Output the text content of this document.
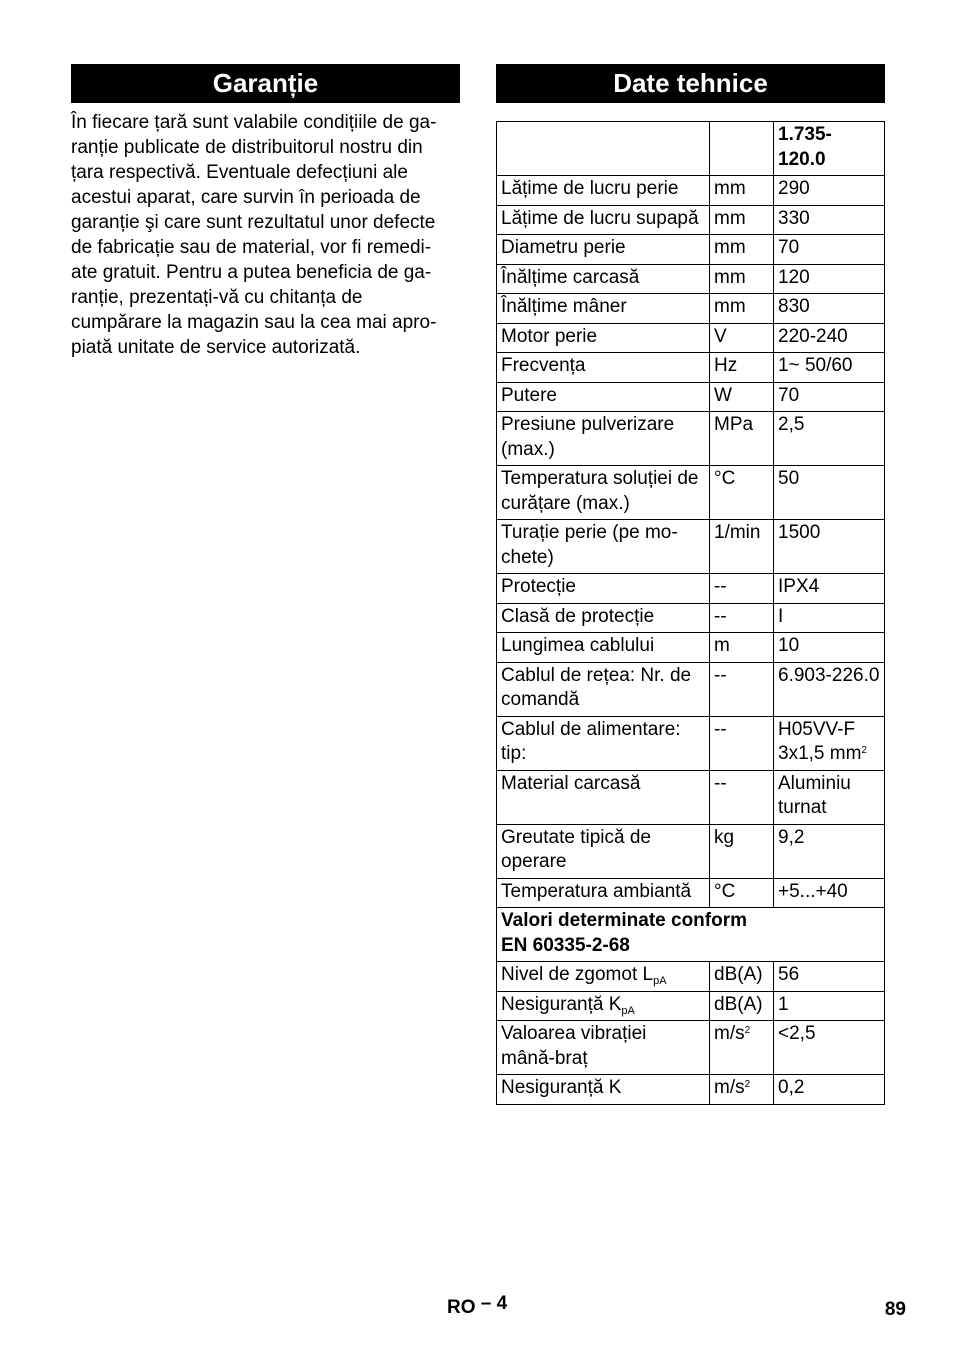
Garanție
În fiecare țară sunt valabile condițiile de ga-
ranție publicate de distribuitorul nostru din
țara respectivă. Eventuale defecțiuni ale
acestui aparat, care survin în perioada de
garanție şi care sunt rezultatul unor defecte
de fabricație sau de material, vor fi remedi-
ate gratuit. Pentru a putea beneficia de ga-
ranție, prezentați-vă cu chitanța de
cumpărare la magazin sau la cea mai apro-
piată unitate de service autorizată.
Date tehnice
		1.735-
120.0
Lățime de lucru perie	mm	290
Lățime de lucru supapă	mm	330
Diametru perie	mm	70
Înălțime carcasă	mm	120
Înălțime mâner	mm	830
Motor perie	V	220-240
Frecvența	Hz	1~ 50/60
Putere	W	70
Presiune pulverizare (max.)	MPa	2,5
Temperatura soluției de curățare (max.)	°C	50
Turație perie (pe mo-chete)	1/min	1500
Protecție	--	IPX4
Clasă de protecție	--	I
Lungimea cablului	m	10
Cablul de rețea: Nr. de comandă	--	6.903-226.0
Cablul de alimentare: tip:	--	H05VV-F
3x1,5 $mm^2$
Material carcasă	--	Aluminiu turnat
Greutate tipică de operare	kg	9,2
Temperatura ambiantă	°C	+5...+40
Valori determinate conform
EN 60335-2-68		
Nivel de zgomot $L_{pA}$	dB(A)	56
Nesiguranță $K_{pA}$	dB(A)	1
Valoarea vibrației mână-braț	$m/s^2$	<2,5
Nesiguranță K	$m/s^2$	0,2
RO – 4	89
